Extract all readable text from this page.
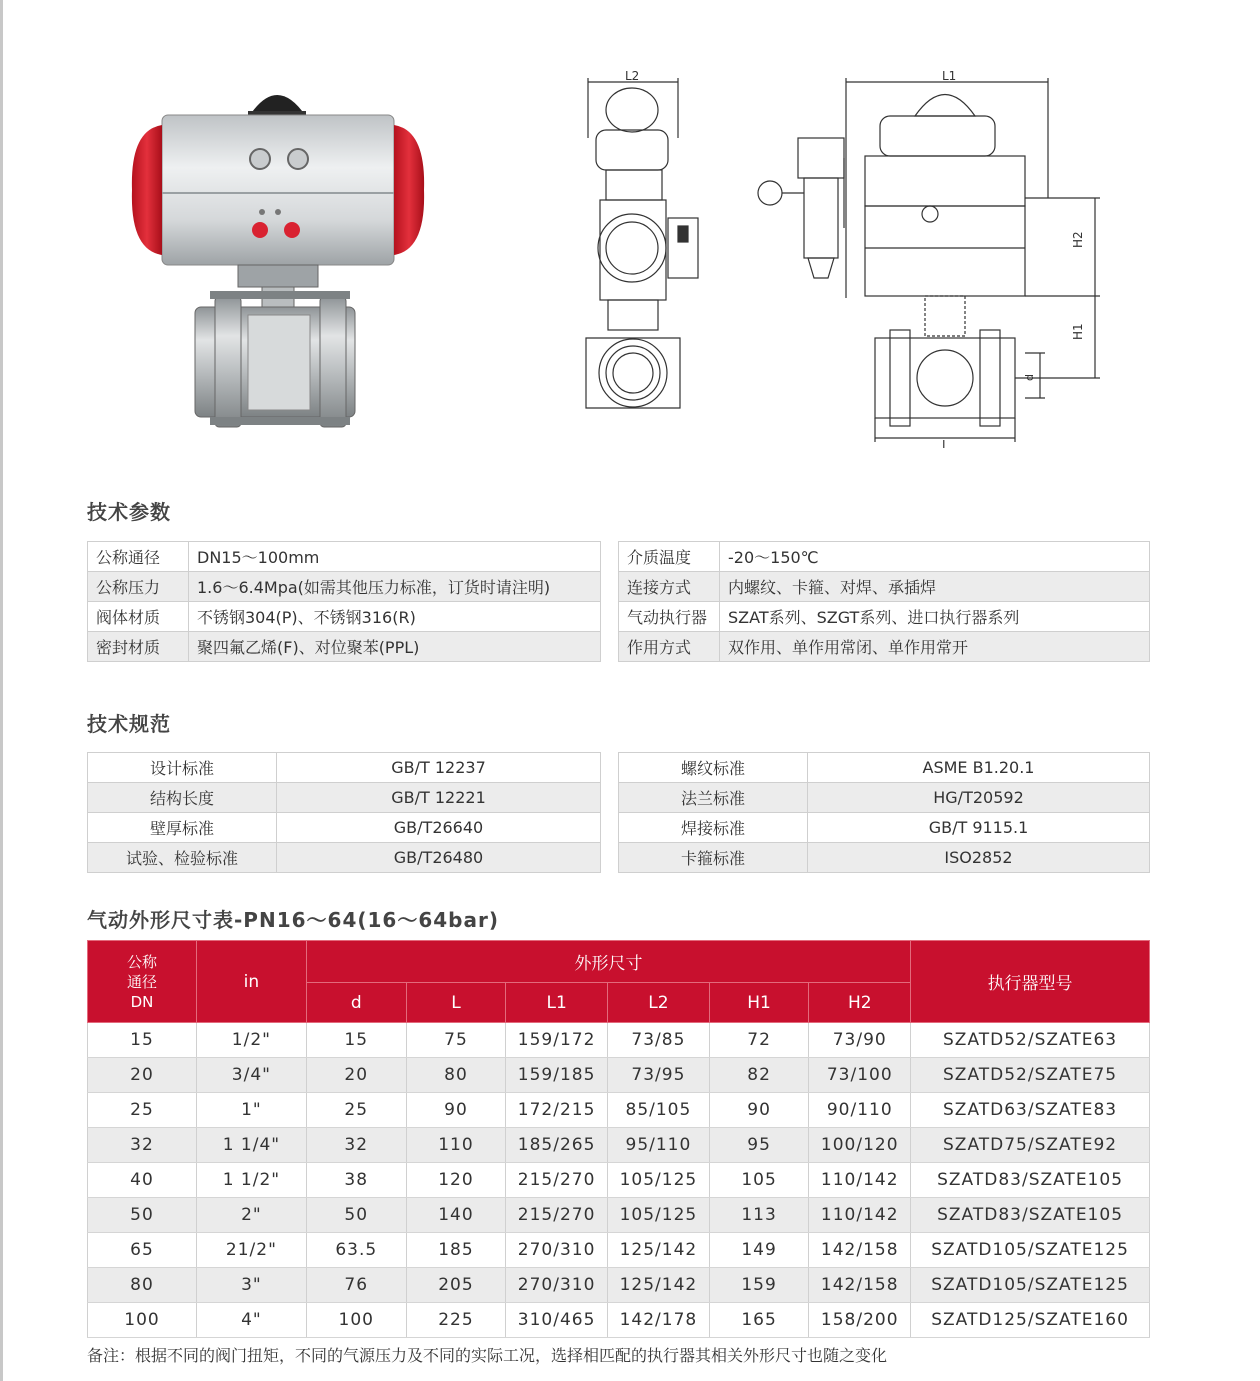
L2	L1
L
H2
H1
d
技术参数
公称通径	DN15～100mm
公称压力	1.6～6.4Mpa(如需其他压力标准，订货时请注明)
阀体材质	不锈钢304(P)、不锈钢316(R)
密封材质	聚四氟乙烯(F)、对位聚苯(PPL)
介质温度	-20～150℃
连接方式	内螺纹、卡箍、对焊、承插焊
气动执行器	SZAT系列、SZGT系列、进口执行器系列
作用方式	双作用、单作用常闭、单作用常开
技术规范
设计标准	GB/T 12237
结构长度	GB/T 12221
壁厚标准	GB/T26640
试验、检验标准	GB/T26480
螺纹标准	ASME B1.20.1
法兰标准	HG/T20592
焊接标准	GB/T 9115.1
卡箍标准	ISO2852
气动外形尺寸表-PN16～64(16～64bar)
公称
通径
DN	in	外形尺寸						执行器型号
		d	L	L1	L2	H1	H2	
15	1/2"	15	75	159/172	73/85	72	73/90	SZATD52/SZATE63
20	3/4"	20	80	159/185	73/95	82	73/100	SZATD52/SZATE75
25	1"	25	90	172/215	85/105	90	90/110	SZATD63/SZATE83
32	1 1/4"	32	110	185/265	95/110	95	100/120	SZATD75/SZATE92
40	1 1/2"	38	120	215/270	105/125	105	110/142	SZATD83/SZATE105
50	2"	50	140	215/270	105/125	113	110/142	SZATD83/SZATE105
65	21/2"	63.5	185	270/310	125/142	149	142/158	SZATD105/SZATE125
80	3"	76	205	270/310	125/142	159	142/158	SZATD105/SZATE125
100	4"	100	225	310/465	142/178	165	158/200	SZATD125/SZATE160
备注：根据不同的阀门扭矩，不同的气源压力及不同的实际工况，选择相匹配的执行器其相关外形尺寸也随之变化
